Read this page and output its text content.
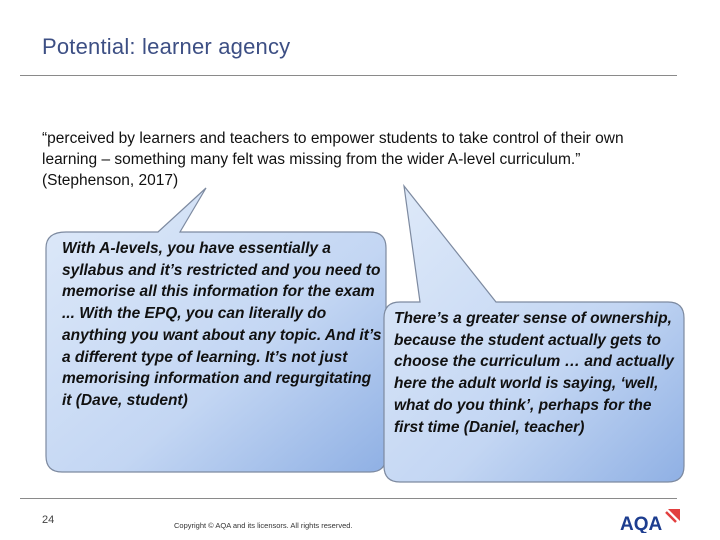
Potential: learner agency
“perceived by learners and teachers to empower students to take control of their own learning – something many felt was missing from the wider A-level curriculum.” (Stephenson, 2017)
With A-levels, you have essentially a syllabus and it’s restricted and you need to memorise all this information for the exam ... With the EPQ, you can literally do anything you want about any topic. And it’s a different type of learning. It’s not just memorising information and regurgitating it (Dave, student)
There’s a greater sense of ownership, because the student actually gets to choose the curriculum … and actually here the adult world is saying, ‘well, what do you think’, perhaps for the first time (Daniel, teacher)
24	Copyright © AQA and its licensors. All rights reserved.	AQA
